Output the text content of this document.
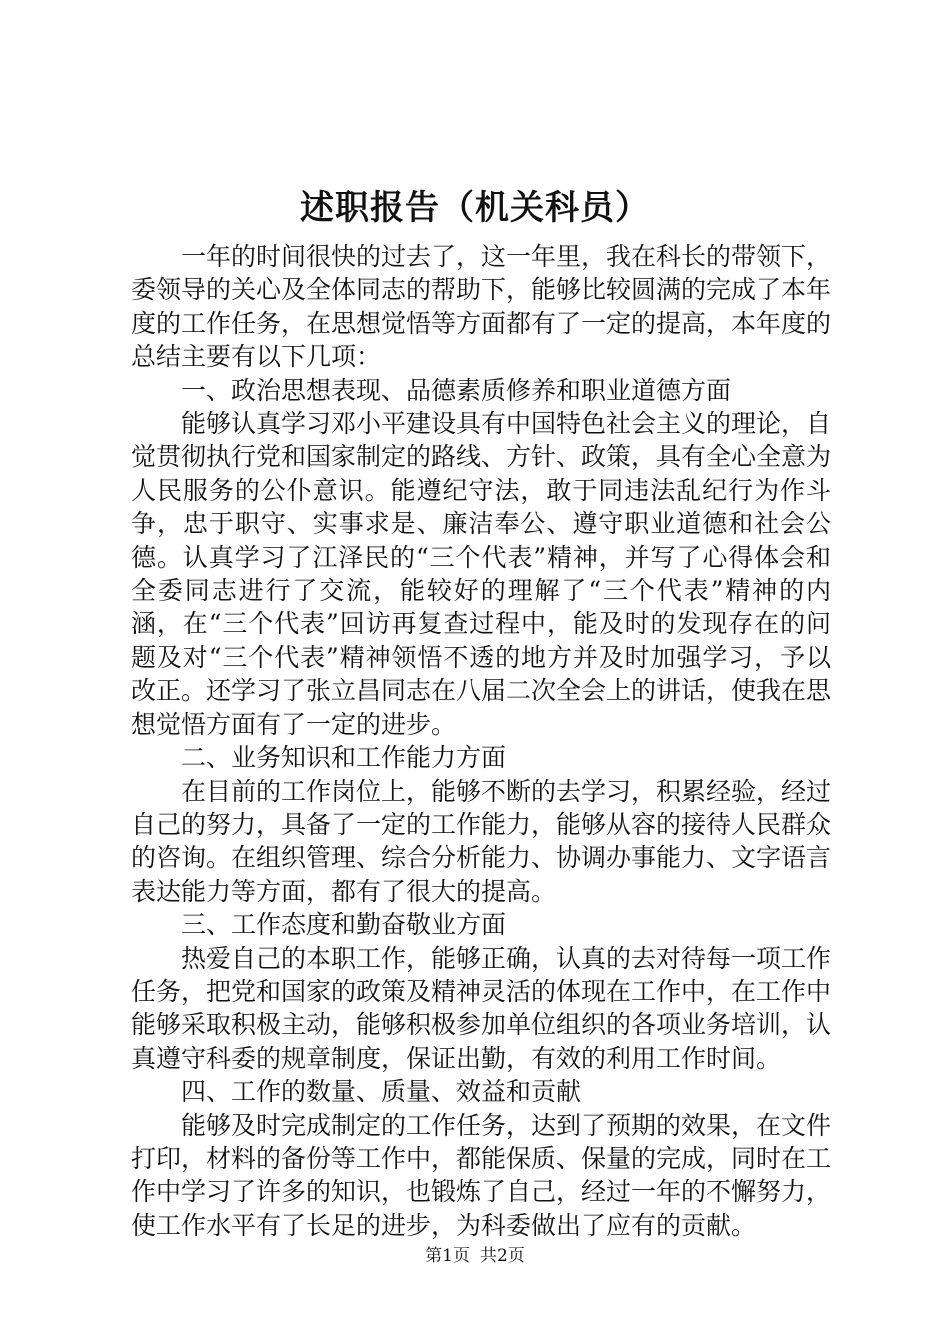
述职报告（机关科员）

一年的时间很快的过去了，这一年里，我在科长的带领下，委领导的关心及全体同志的帮助下，能够比较圆满的完成了本年度的工作任务，在思想觉悟等方面都有了一定的提高，本年度的总结主要有以下几项：

一、政治思想表现、品德素质修养和职业道德方面

能够认真学习邓小平建设具有中国特色社会主义的理论，自觉贯彻执行党和国家制定的路线、方针、政策，具有全心全意为人民服务的公仆意识。能遵纪守法，敢于同违法乱纪行为作斗争，忠于职守、实事求是、廉洁奉公、遵守职业道德和社会公德。认真学习了江泽民的“三个代表”精神，并写了心得体会和全委同志进行了交流，能较好的理解了“三个代表”精神的内涵，在“三个代表”回访再复查过程中，能及时的发现存在的问题及对“三个代表”精神领悟不透的地方并及时加强学习，予以改正。还学习了张立昌同志在八届二次全会上的讲话，使我在思想觉悟方面有了一定的进步。

二、业务知识和工作能力方面

在目前的工作岗位上，能够不断的去学习，积累经验，经过自己的努力，具备了一定的工作能力，能够从容的接待人民群众的咨询。在组织管理、综合分析能力、协调办事能力、文字语言表达能力等方面，都有了很大的提高。

三、工作态度和勤奋敬业方面

热爱自己的本职工作，能够正确，认真的去对待每一项工作任务，把党和国家的政策及精神灵活的体现在工作中，在工作中能够采取积极主动，能够积极参加单位组织的各项业务培训，认真遵守科委的规章制度，保证出勤，有效的利用工作时间。

四、工作的数量、质量、效益和贡献

能够及时完成制定的工作任务，达到了预期的效果，在文件打印，材料的备份等工作中，都能保质、保量的完成，同时在工作中学习了许多的知识，也锻炼了自己，经过一年的不懈努力，使工作水平有了长足的进步，为科委做出了应有的贡献。

第1页 共2页
